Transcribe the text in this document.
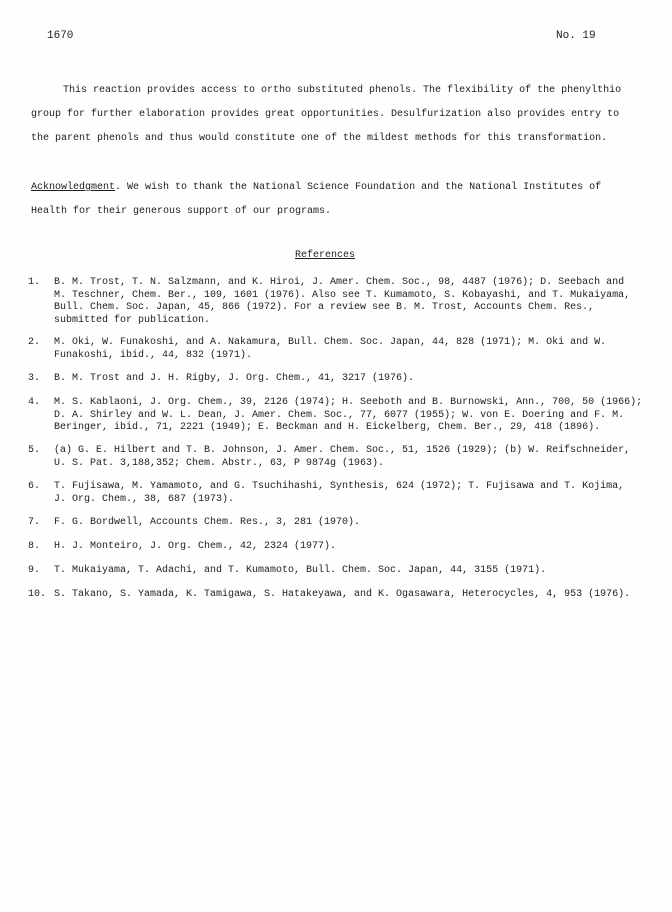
1670	No. 19
This reaction provides access to ortho substituted phenols. The flexibility of the phenylthio
group for further elaboration provides great opportunities. Desulfurization also provides entry to
the parent phenols and thus would constitute one of the mildest methods for this transformation.
Acknowledgment. We wish to thank the National Science Foundation and the National Institutes of
Health for their generous support of our programs.
References
1.	B. M. Trost, T. N. Salzmann, and K. Hiroi, J. Amer. Chem. Soc., 98, 4487 (1976); D. Seebach and
M. Teschner, Chem. Ber., 109, 1601 (1976). Also see T. Kumamoto, S. Kobayashi, and T. Mukaiyama,
Bull. Chem. Soc. Japan, 45, 866 (1972). For a review see B. M. Trost, Accounts Chem. Res.,
submitted for publication.
2.	M. Oki, W. Funakoshi, and A. Nakamura, Bull. Chem. Soc. Japan, 44, 828 (1971); M. Oki and W.
Funakoshi, ibid., 44, 832 (1971).
3.	B. M. Trost and J. H. Rigby, J. Org. Chem., 41, 3217 (1976).
4.	M. S. Kablaoni, J. Org. Chem., 39, 2126 (1974); H. Seeboth and B. Burnowski, Ann., 700, 50 (1966);
D. A. Shirley and W. L. Dean, J. Amer. Chem. Soc., 77, 6077 (1955); W. von E. Doering and F. M.
Beringer, ibid., 71, 2221 (1949); E. Beckman and H. Eickelberg, Chem. Ber., 29, 418 (1896).
5.	(a) G. E. Hilbert and T. B. Johnson, J. Amer. Chem. Soc., 51, 1526 (1929); (b) W. Reifschneider,
U. S. Pat. 3,188,352; Chem. Abstr., 63, P 9874g (1963).
6.	T. Fujisawa, M. Yamamoto, and G. Tsuchihashi, Synthesis, 624 (1972); T. Fujisawa and T. Kojima,
J. Org. Chem., 38, 687 (1973).
7.	F. G. Bordwell, Accounts Chem. Res., 3, 281 (1970).
8.	H. J. Monteiro, J. Org. Chem., 42, 2324 (1977).
9.	T. Mukaiyama, T. Adachi, and T. Kumamoto, Bull. Chem. Soc. Japan, 44, 3155 (1971).
10. S. Takano, S. Yamada, K. Tamigawa, S. Hatakeyawa, and K. Ogasawara, Heterocycles, 4, 953 (1976).
